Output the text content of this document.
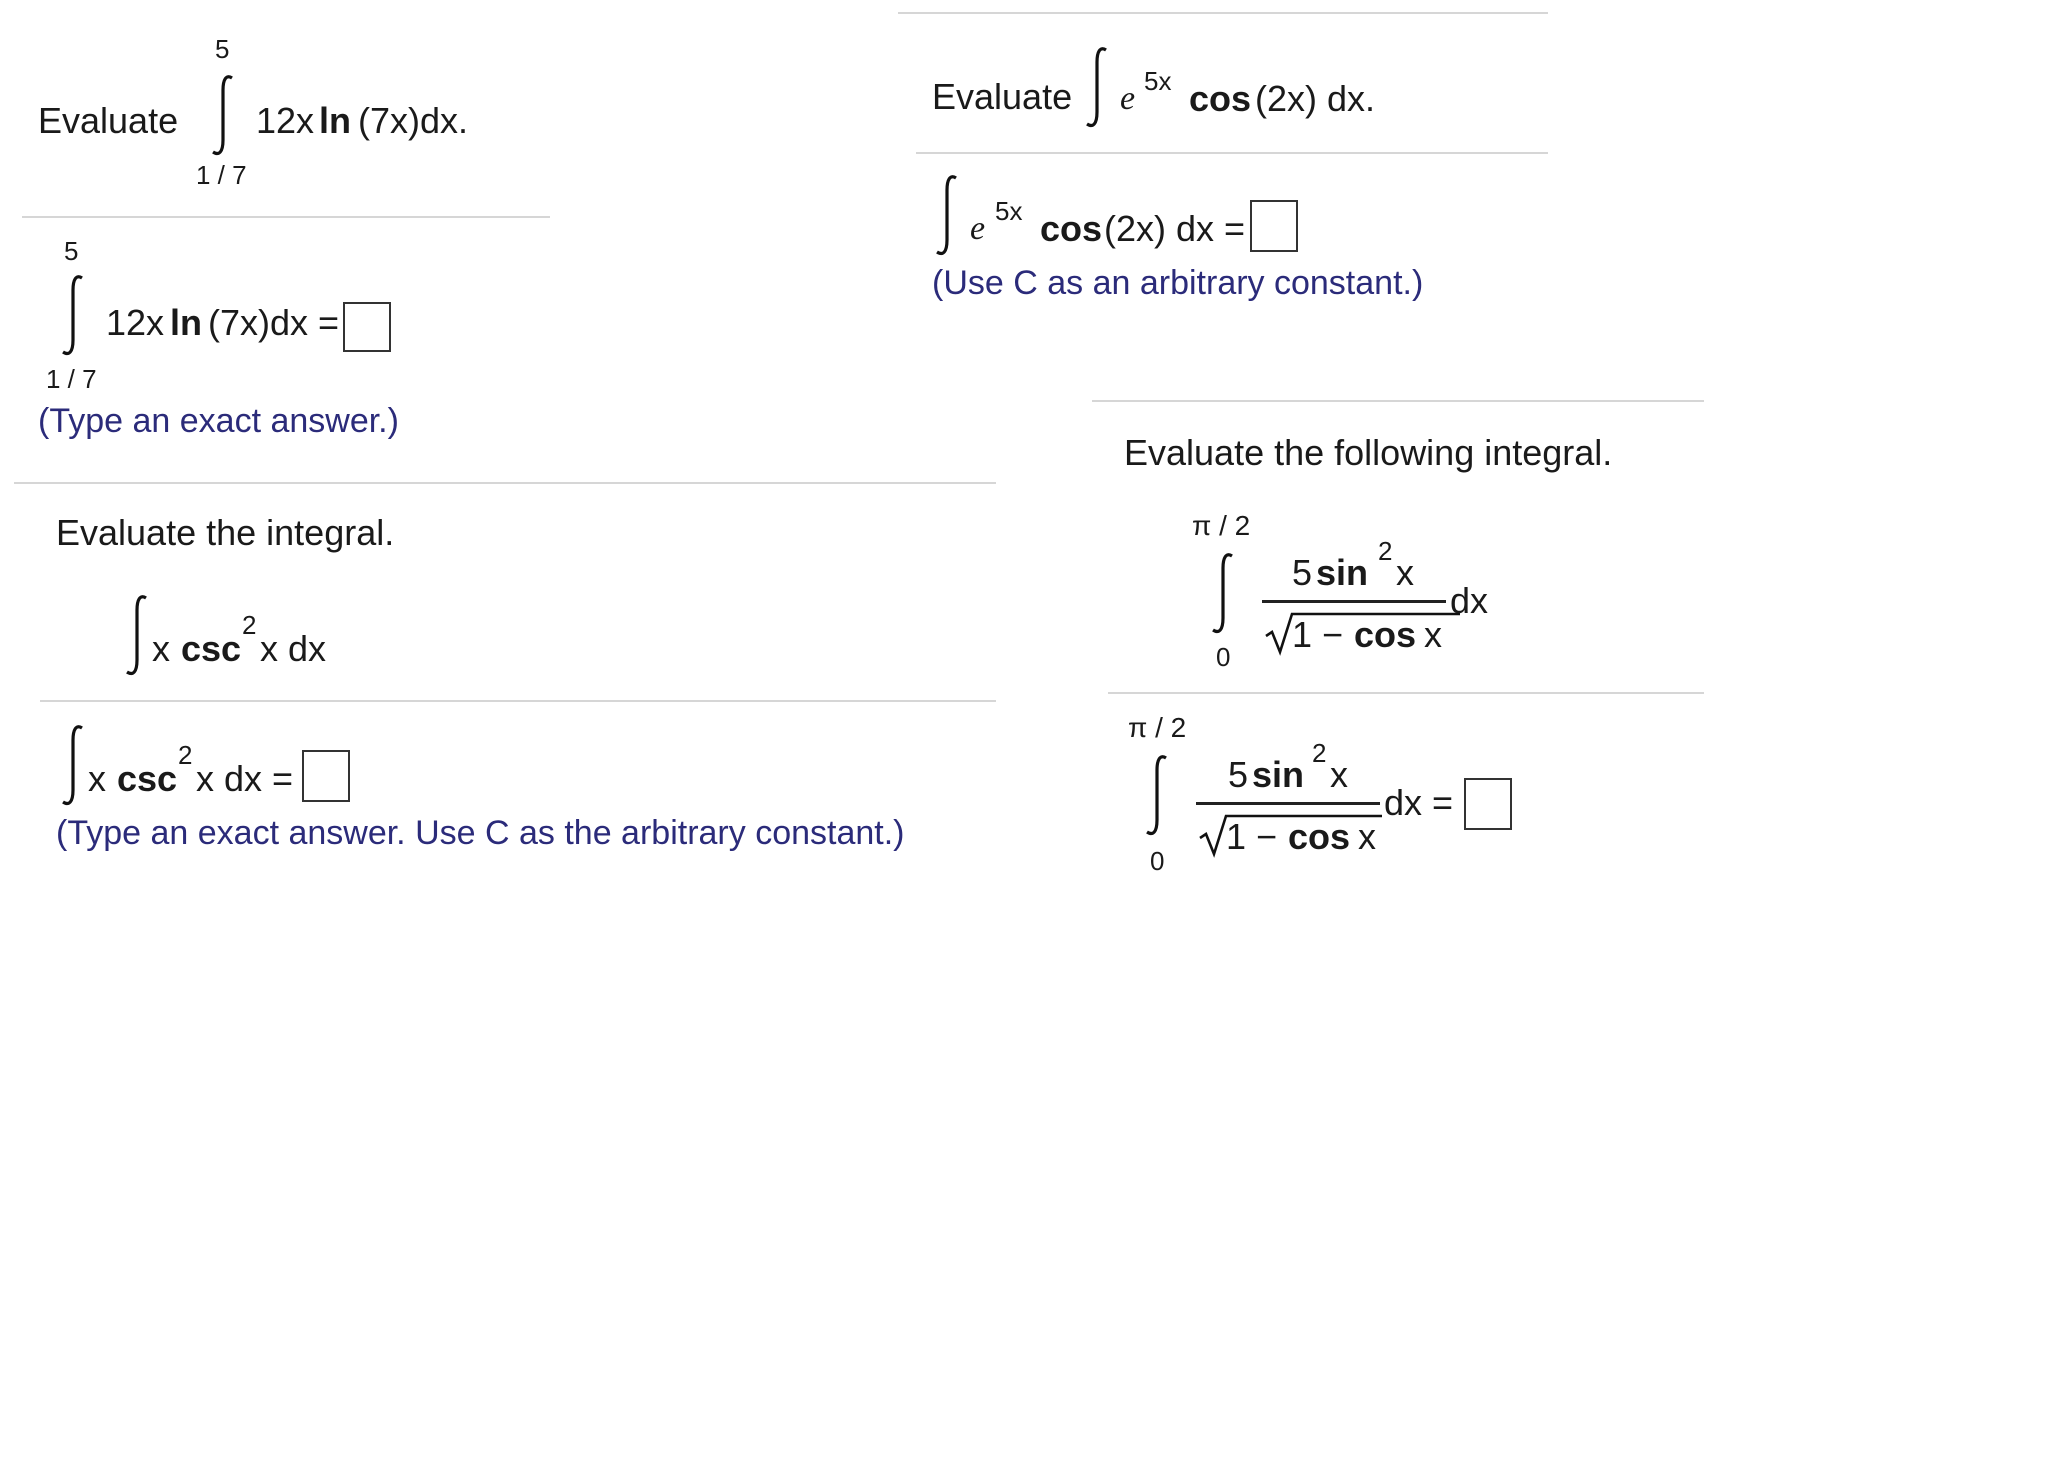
Evaluate
5
1 / 7
12x ln (7x)dx.
5
1 / 7
12x ln (7x)dx =
(Type an exact answer.)
Evaluate e 5x cos (2x) dx.
e 5x cos (2x) dx =
(Use C as an arbitrary constant.)
Evaluate the integral.
x csc
2
x dx
x csc
2
x dx =
(Type an exact answer. Use C as the arbitrary constant.)
Evaluate the following integral.
π / 2
0
5 sin
2
x
1 − cos x
dx
π / 2
0
5 sin
2
x
1 − cos x
dx =
